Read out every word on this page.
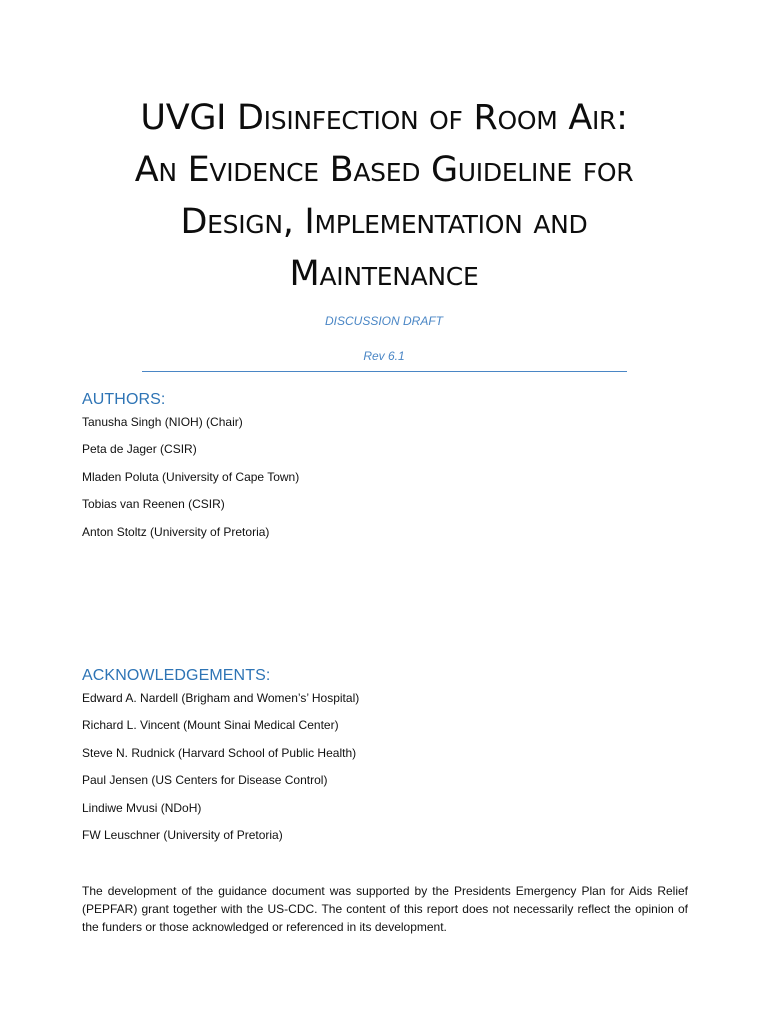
UVGI Disinfection of Room Air:
An Evidence Based Guideline for
Design, Implementation and
Maintenance

DISCUSSION DRAFT

Rev 6.1

AUTHORS:
Tanusha Singh (NIOH) (Chair)
Peta de Jager (CSIR)
Mladen Poluta (University of Cape Town)
Tobias van Reenen (CSIR)
Anton Stoltz (University of Pretoria)
ACKNOWLEDGEMENTS:
Edward A. Nardell (Brigham and Women’s’ Hospital)
Richard L. Vincent (Mount Sinai Medical Center)
Steve N. Rudnick (Harvard School of Public Health)
Paul Jensen (US Centers for Disease Control)
Lindiwe Mvusi (NDoH)
FW Leuschner (University of Pretoria)

The development of the guidance document was supported by the Presidents Emergency Plan for Aids Relief (PEPFAR) grant together with the US-CDC. The content of this report does not necessarily reflect the opinion of the funders or those acknowledged or referenced in its development.
